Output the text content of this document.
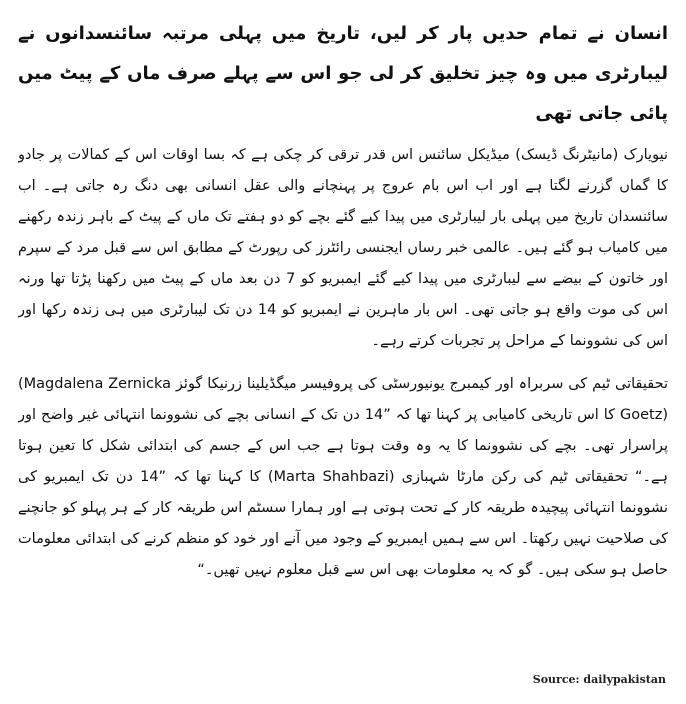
انسان نے تمام حدیں پار کر لیں، تاریخ میں پہلی مرتبہ سائنسدانوں نے لیبارٹری میں وہ چیز تخلیق کر لی جو اس سے پہلے صرف ماں کے پیٹ میں پائی جاتی تھی

نیویارک (مانیٹرنگ ڈیسک) میڈیکل سائنس اس قدر ترقی کر چکی ہے کہ بسا اوقات اس کے کمالات پر جادو کا گماں گزرنے لگتا ہے اور اب اس بام عروج پر پہنچانے والی عقل انسانی بھی دنگ رہ جاتی ہے۔ اب سائنسدان تاریخ میں پہلی بار لیبارٹری میں پیدا کیے گئے بچے کو دو ہفتے تک ماں کے پیٹ کے باہر زندہ رکھنے میں کامیاب ہو گئے ہیں۔ عالمی خبر رساں ایجنسی رائٹرز کی رپورٹ کے مطابق اس سے قبل مرد کے سپرم اور خاتون کے بیضے سے لیبارٹری میں پیدا کیے گئے ایمبریو کو 7 دن بعد ماں کے پیٹ میں رکھنا پڑتا تھا ورنہ اس کی موت واقع ہو جاتی تھی۔ اس بار ماہرین نے ایمبریو کو 14 دن تک لیبارٹری میں ہی زندہ رکھا اور اس کی نشوونما کے مراحل پر تجربات کرتے رہے۔

تحقیقاتی ٹیم کی سربراہ اور کیمبرج یونیورسٹی کی پروفیسر میگڈیلینا زرنیکا گوئز (Magdalena Zernicka Goetz) کا اس تاریخی کامیابی پر کہنا تھا کہ ”14 دن تک کے انسانی بچے کی نشوونما انتہائی غیر واضح اور پراسرار تھی۔ بچے کی نشوونما کا یہ وہ وقت ہوتا ہے جب اس کے جسم کی ابتدائی شکل کا تعین ہوتا ہے۔“ تحقیقاتی ٹیم کی رکن مارٹا شہبازی (Marta Shahbazi) کا کہنا تھا کہ ”14 دن تک ایمبریو کی نشوونما انتہائی پیچیدہ طریقہ کار کے تحت ہوتی ہے اور ہمارا سسٹم اس طریقہ کار کے ہر پہلو کو جانچنے کی صلاحیت نہیں رکھتا۔ اس سے ہمیں ایمبریو کے وجود میں آنے اور خود کو منظم کرنے کی ابتدائی معلومات حاصل ہو سکی ہیں۔ گو کہ یہ معلومات بھی اس سے قبل معلوم نہیں تھیں۔“

Source: dailypakistan
